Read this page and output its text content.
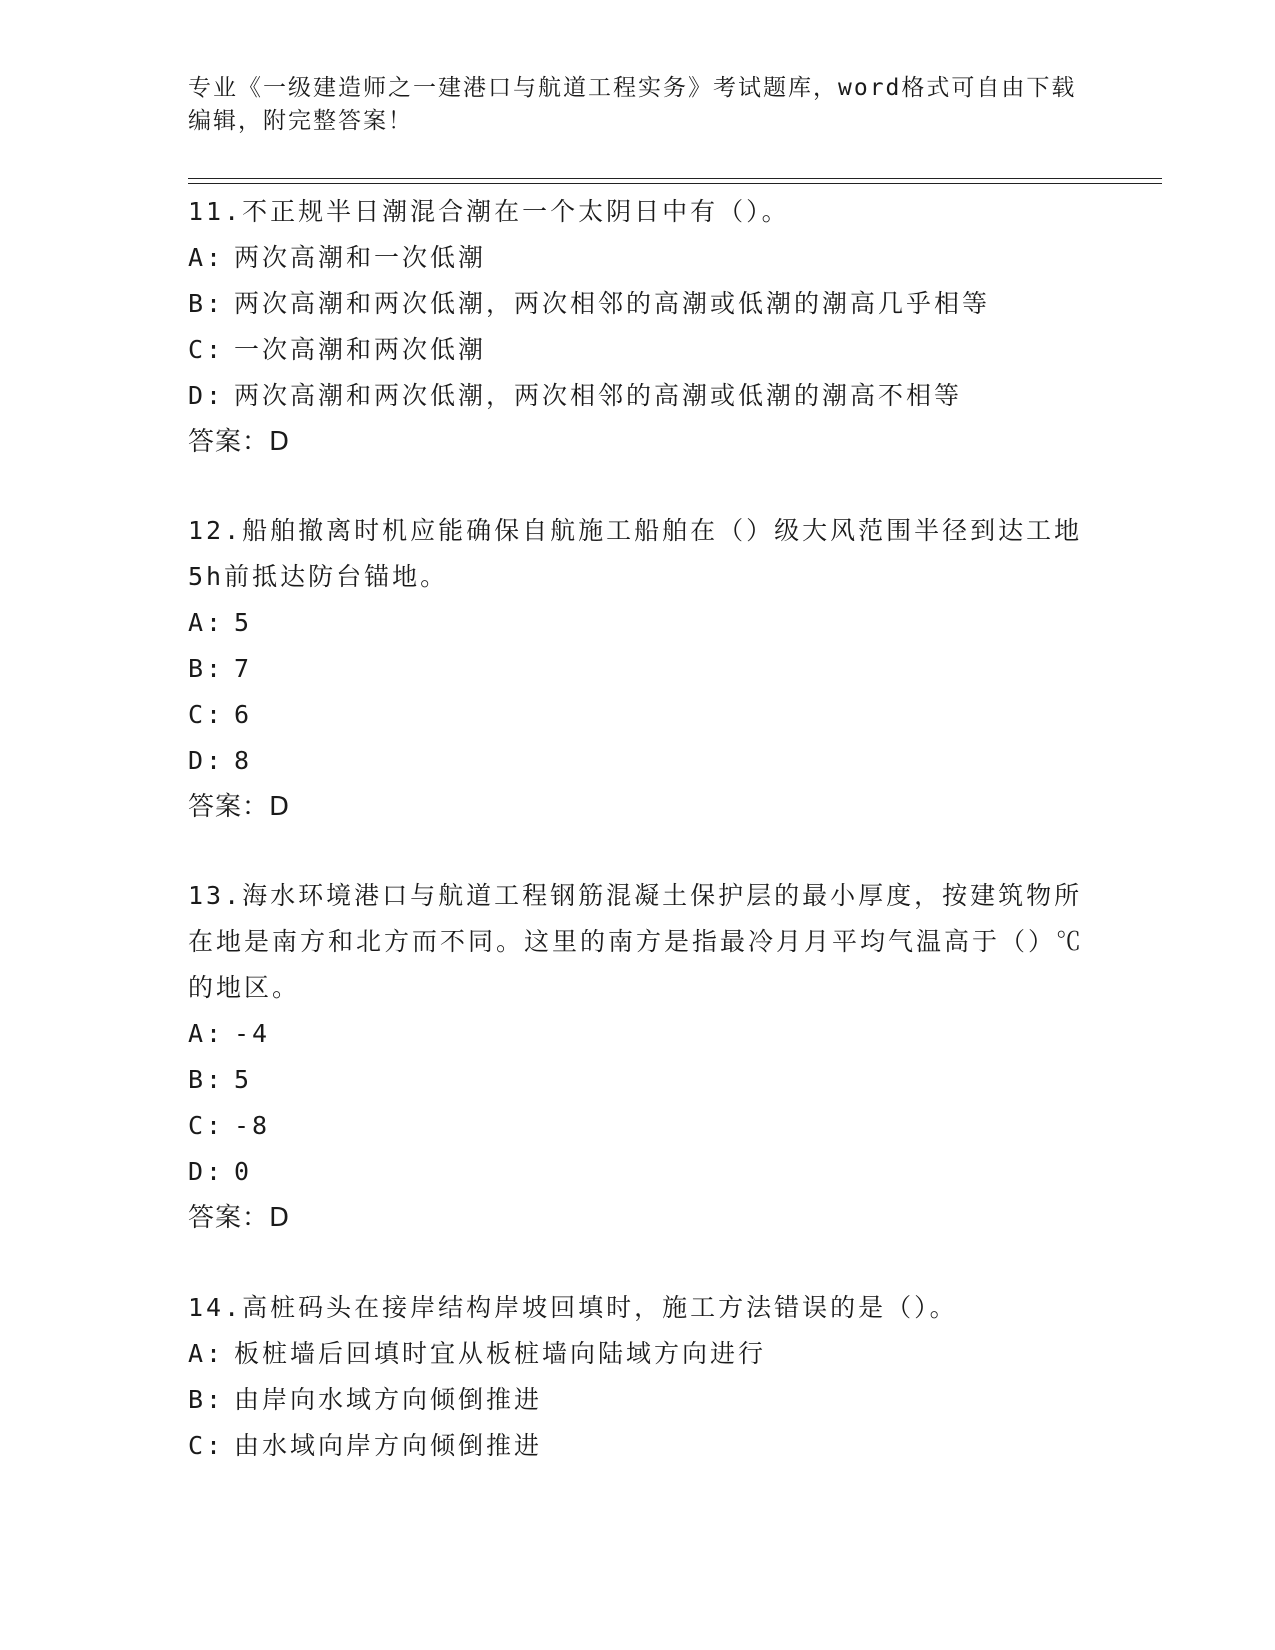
专业《一级建造师之一建港口与航道工程实务》考试题库，word格式可自由下载
编辑，附完整答案！
11.不正规半日潮混合潮在一个太阴日中有（）。
A: 两次高潮和一次低潮
B: 两次高潮和两次低潮，两次相邻的高潮或低潮的潮高几乎相等
C: 一次高潮和两次低潮
D: 两次高潮和两次低潮，两次相邻的高潮或低潮的潮高不相等
答案：D
12.船舶撤离时机应能确保自航施工船舶在（）级大风范围半径到达工地5h前抵达防台锚地。
A: 5
B: 7
C: 6
D: 8
答案：D
13.海水环境港口与航道工程钢筋混凝土保护层的最小厚度，按建筑物所在地是南方和北方而不同。这里的南方是指最冷月月平均气温高于（）℃的地区。
A: -4
B: 5
C: -8
D: 0
答案：D
14.高桩码头在接岸结构岸坡回填时，施工方法错误的是（）。
A: 板桩墙后回填时宜从板桩墙向陆域方向进行
B: 由岸向水域方向倾倒推进
C: 由水域向岸方向倾倒推进
